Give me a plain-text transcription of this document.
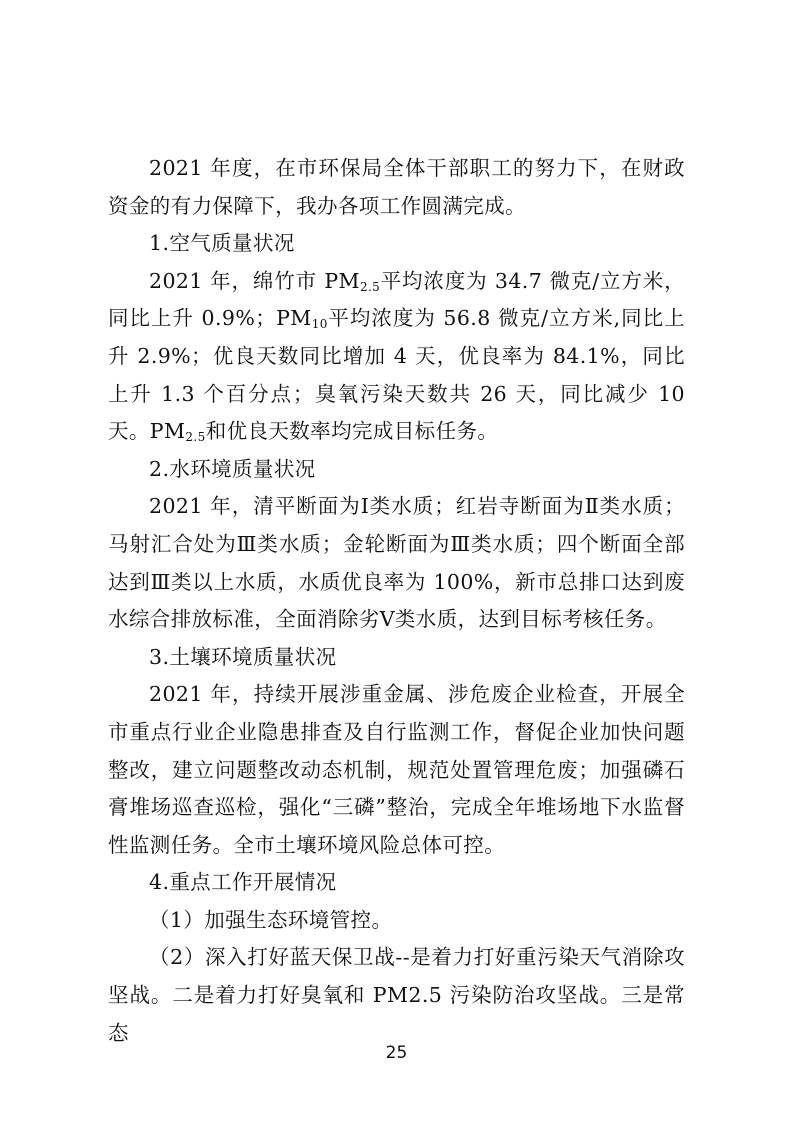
2021 年度，在市环保局全体干部职工的努力下，在财政资金的有力保障下，我办各项工作圆满完成。

1.空气质量状况

2021 年，绵竹市 $PM_{2.5}$平均浓度为 34.7 微克/立方米，同比上升 0.9%；$PM_{10}$平均浓度为 56.8 微克/立方米,同比上升 2.9%；优良天数同比增加 4 天，优良率为 84.1%，同比上升 1.3 个百分点；臭氧污染天数共 26 天，同比减少 10 天。$PM_{2.5}$和优良天数率均完成目标任务。

2.水环境质量状况

2021 年，清平断面为Ⅰ类水质；红岩寺断面为Ⅱ类水质；马射汇合处为Ⅲ类水质；金轮断面为Ⅲ类水质；四个断面全部达到Ⅲ类以上水质，水质优良率为 100%，新市总排口达到废水综合排放标准，全面消除劣Ⅴ类水质，达到目标考核任务。

3.土壤环境质量状况

2021 年，持续开展涉重金属、涉危废企业检查，开展全市重点行业企业隐患排查及自行监测工作，督促企业加快问题整改，建立问题整改动态机制，规范处置管理危废；加强磷石膏堆场巡查巡检，强化“三磷”整治，完成全年堆场地下水监督性监测任务。全市土壤环境风险总体可控。

4.重点工作开展情况

（1）加强生态环境管控。

（2）深入打好蓝天保卫战--是着力打好重污染天气消除攻坚战。二是着力打好臭氧和 PM2.5 污染防治攻坚战。三是常态

25
